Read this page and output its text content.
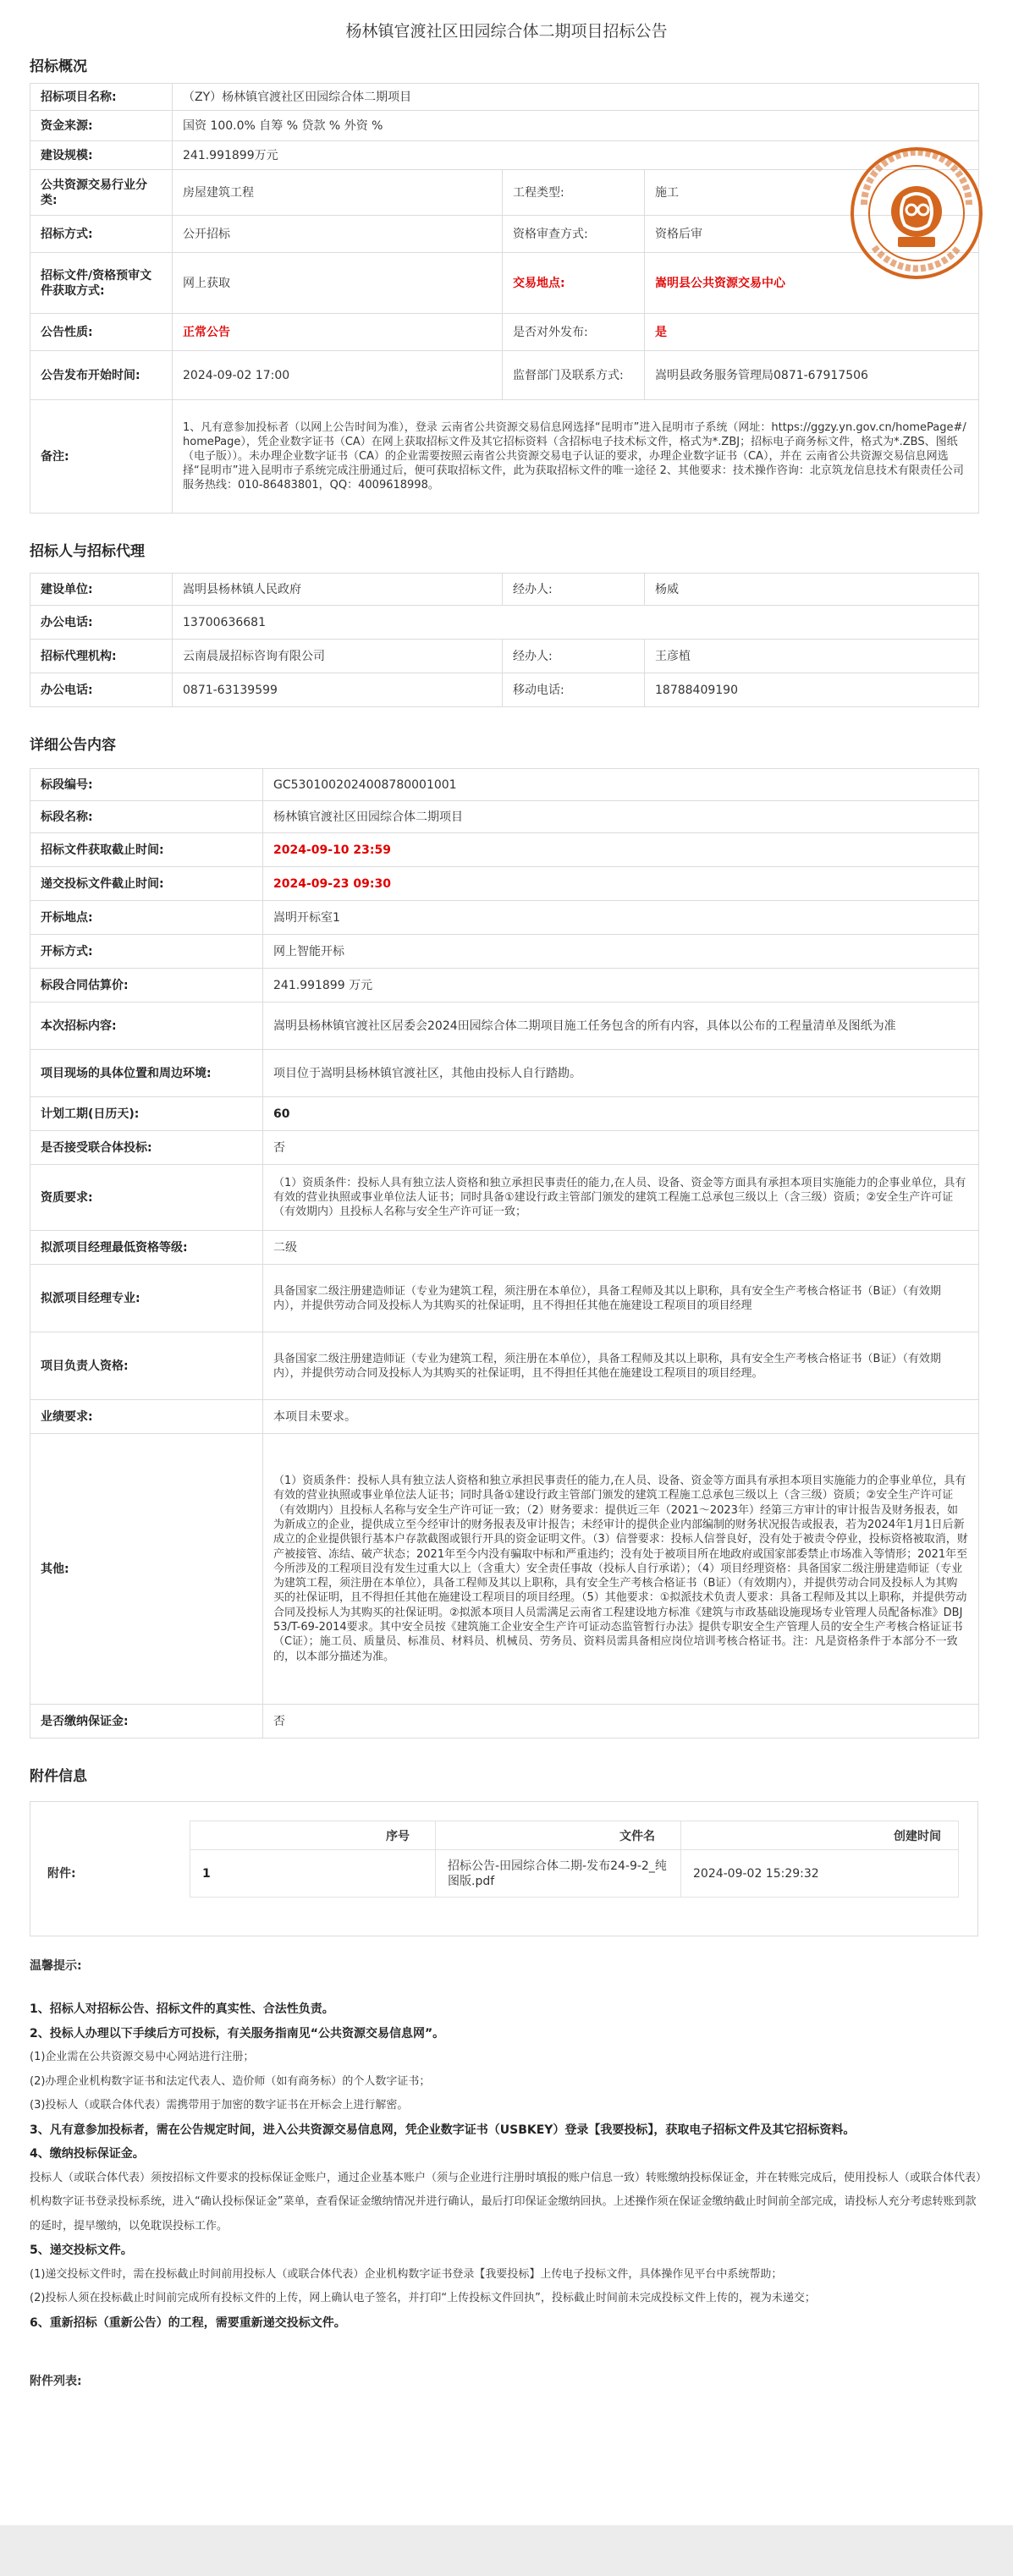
杨林镇官渡社区田园综合体二期项目招标公告
招标概况
招标项目名称:	（ZY）杨林镇官渡社区田园综合体二期项目		
资金来源:	国资 100.0% 自筹 % 贷款 % 外资 %		
建设规模:	241.991899万元		
公共资源交易行业分类:	房屋建筑工程	工程类型:	施工
招标方式:	公开招标	资格审查方式:	资格后审
招标文件/资格预审文件获取方式:	网上获取	交易地点:	嵩明县公共资源交易中心
公告性质:	正常公告	是否对外发布:	是
公告发布开始时间:	2024-09-02 17:00	监督部门及联系方式:	嵩明县政务服务管理局0871-67917506
备注:	1、凡有意参加投标者（以网上公告时间为准），登录 云南省公共资源交易信息网选择“昆明市”进入昆明市子系统（网址：https://ggzy.yn.gov.cn/homePage#/homePage），凭企业数字证书（CA）在网上获取招标文件及其它招标资料（含招标电子技术标文件，格式为*.ZBJ；招标电子商务标文件，格式为*.ZBS、图纸（电子版））。未办理企业数字证书（CA）的企业需要按照云南省公共资源交易电子认证的要求，办理企业数字证书（CA），并在 云南省公共资源交易信息网选择“昆明市”进入昆明市子系统完成注册通过后，便可获取招标文件，此为获取招标文件的唯一途径 2、其他要求：技术操作咨询：北京筑龙信息技术有限责任公司 服务热线：010-86483801，QQ：4009618998。		
招标人与招标代理
建设单位:	嵩明县杨林镇人民政府	经办人:	杨威
办公电话:	13700636681		
招标代理机构:	云南晨晟招标咨询有限公司	经办人:	王彦植
办公电话:	0871-63139599	移动电话:	18788409190
详细公告内容
标段编号:	GC5301002024008780001001
标段名称:	杨林镇官渡社区田园综合体二期项目
招标文件获取截止时间:	2024-09-10 23:59
递交投标文件截止时间:	2024-09-23 09:30
开标地点:	嵩明开标室1
开标方式:	网上智能开标
标段合同估算价:	241.991899 万元
本次招标内容:	嵩明县杨林镇官渡社区居委会2024田园综合体二期项目施工任务包含的所有内容，具体以公布的工程量清单及图纸为准
项目现场的具体位置和周边环境:	项目位于嵩明县杨林镇官渡社区，其他由投标人自行踏勘。
计划工期(日历天):	60
是否接受联合体投标:	否
资质要求:	（1）资质条件：投标人具有独立法人资格和独立承担民事责任的能力,在人员、设备、资金等方面具有承担本项目实施能力的企事业单位，具有有效的营业执照或事业单位法人证书；同时具备①建设行政主管部门颁发的建筑工程施工总承包三级以上（含三级）资质；②安全生产许可证（有效期内）且投标人名称与安全生产许可证一致；
拟派项目经理最低资格等级:	二级
拟派项目经理专业:	具备国家二级注册建造师证（专业为建筑工程，须注册在本单位），具备工程师及其以上职称，具有安全生产考核合格证书（B证）（有效期内），并提供劳动合同及投标人为其购买的社保证明，且不得担任其他在施建设工程项目的项目经理
项目负责人资格:	具备国家二级注册建造师证（专业为建筑工程，须注册在本单位），具备工程师及其以上职称，具有安全生产考核合格证书（B证）（有效期内），并提供劳动合同及投标人为其购买的社保证明，且不得担任其他在施建设工程项目的项目经理。
业绩要求:	本项目未要求。
其他:	（1）资质条件：投标人具有独立法人资格和独立承担民事责任的能力,在人员、设备、资金等方面具有承担本项目实施能力的企事业单位，具有有效的营业执照或事业单位法人证书；同时具备①建设行政主管部门颁发的建筑工程施工总承包三级以上（含三级）资质；②安全生产许可证（有效期内）且投标人名称与安全生产许可证一致；（2）财务要求：提供近三年（2021～2023年）经第三方审计的审计报告及财务报表，如为新成立的企业，提供成立至今经审计的财务报表及审计报告；未经审计的提供企业内部编制的财务状况报告或报表，若为2024年1月1日后新成立的企业提供银行基本户存款截图或银行开具的资金证明文件。（3）信誉要求：投标人信誉良好，没有处于被责令停业，投标资格被取消，财产被接管、冻结、破产状态；2021年至今内没有骗取中标和严重违约；没有处于被项目所在地政府或国家部委禁止市场准入等情形；2021年至今所涉及的工程项目没有发生过重大以上（含重大）安全责任事故（投标人自行承诺）；（4）项目经理资格：具备国家二级注册建造师证（专业为建筑工程，须注册在本单位），具备工程师及其以上职称，具有安全生产考核合格证书（B证）（有效期内），并提供劳动合同及投标人为其购买的社保证明，且不得担任其他在施建设工程项目的项目经理。（5）其他要求：①拟派技术负责人要求：具备工程师及其以上职称，并提供劳动合同及投标人为其购买的社保证明。②拟派本项目人员需满足云南省工程建设地方标准《建筑与市政基础设施现场专业管理人员配备标准》DBJ53/T-69-2014要求。其中安全员按《建筑施工企业安全生产许可证动态监管暂行办法》提供专职安全生产管理人员的安全生产考核合格证证书（C证）；施工员、质量员、标准员、材料员、机械员、劳务员、资料员需具备相应岗位培训考核合格证书。注：凡是资格条件于本部分不一致的，以本部分描述为准。
是否缴纳保证金:	否
附件信息
附件:
序号	文件名	创建时间
1	招标公告-田园综合体二期-发布24-9-2_纯图版.pdf	2024-09-02 15:29:32
温馨提示:

1、招标人对招标公告、招标文件的真实性、合法性负责。

2、投标人办理以下手续后方可投标，有关服务指南见“公共资源交易信息网”。

(1)企业需在公共资源交易中心网站进行注册；

(2)办理企业机构数字证书和法定代表人、造价师（如有商务标）的个人数字证书；

(3)投标人（或联合体代表）需携带用于加密的数字证书在开标会上进行解密。

3、凡有意参加投标者，需在公告规定时间，进入公共资源交易信息网，凭企业数字证书（USBKEY）登录【我要投标】，获取电子招标文件及其它招标资料。

4、缴纳投标保证金。

投标人（或联合体代表）须按招标文件要求的投标保证金账户，通过企业基本账户（须与企业进行注册时填报的账户信息一致）转账缴纳投标保证金，并在转账完成后，使用投标人（或联合体代表）机构数字证书登录投标系统，进入“确认投标保证金”菜单，查看保证金缴纳情况并进行确认，最后打印保证金缴纳回执。上述操作须在保证金缴纳截止时间前全部完成，请投标人充分考虑转账到款的延时，提早缴纳，以免耽误投标工作。

5、递交投标文件。

(1)递交投标文件时，需在投标截止时间前用投标人（或联合体代表）企业机构数字证书登录【我要投标】上传电子投标文件，具体操作见平台中系统帮助；

(2)投标人须在投标截止时间前完成所有投标文件的上传，网上确认电子签名，并打印“上传投标文件回执”，投标截止时间前未完成投标文件上传的，视为未递交；

6、重新招标（重新公告）的工程，需要重新递交投标文件。

附件列表:
